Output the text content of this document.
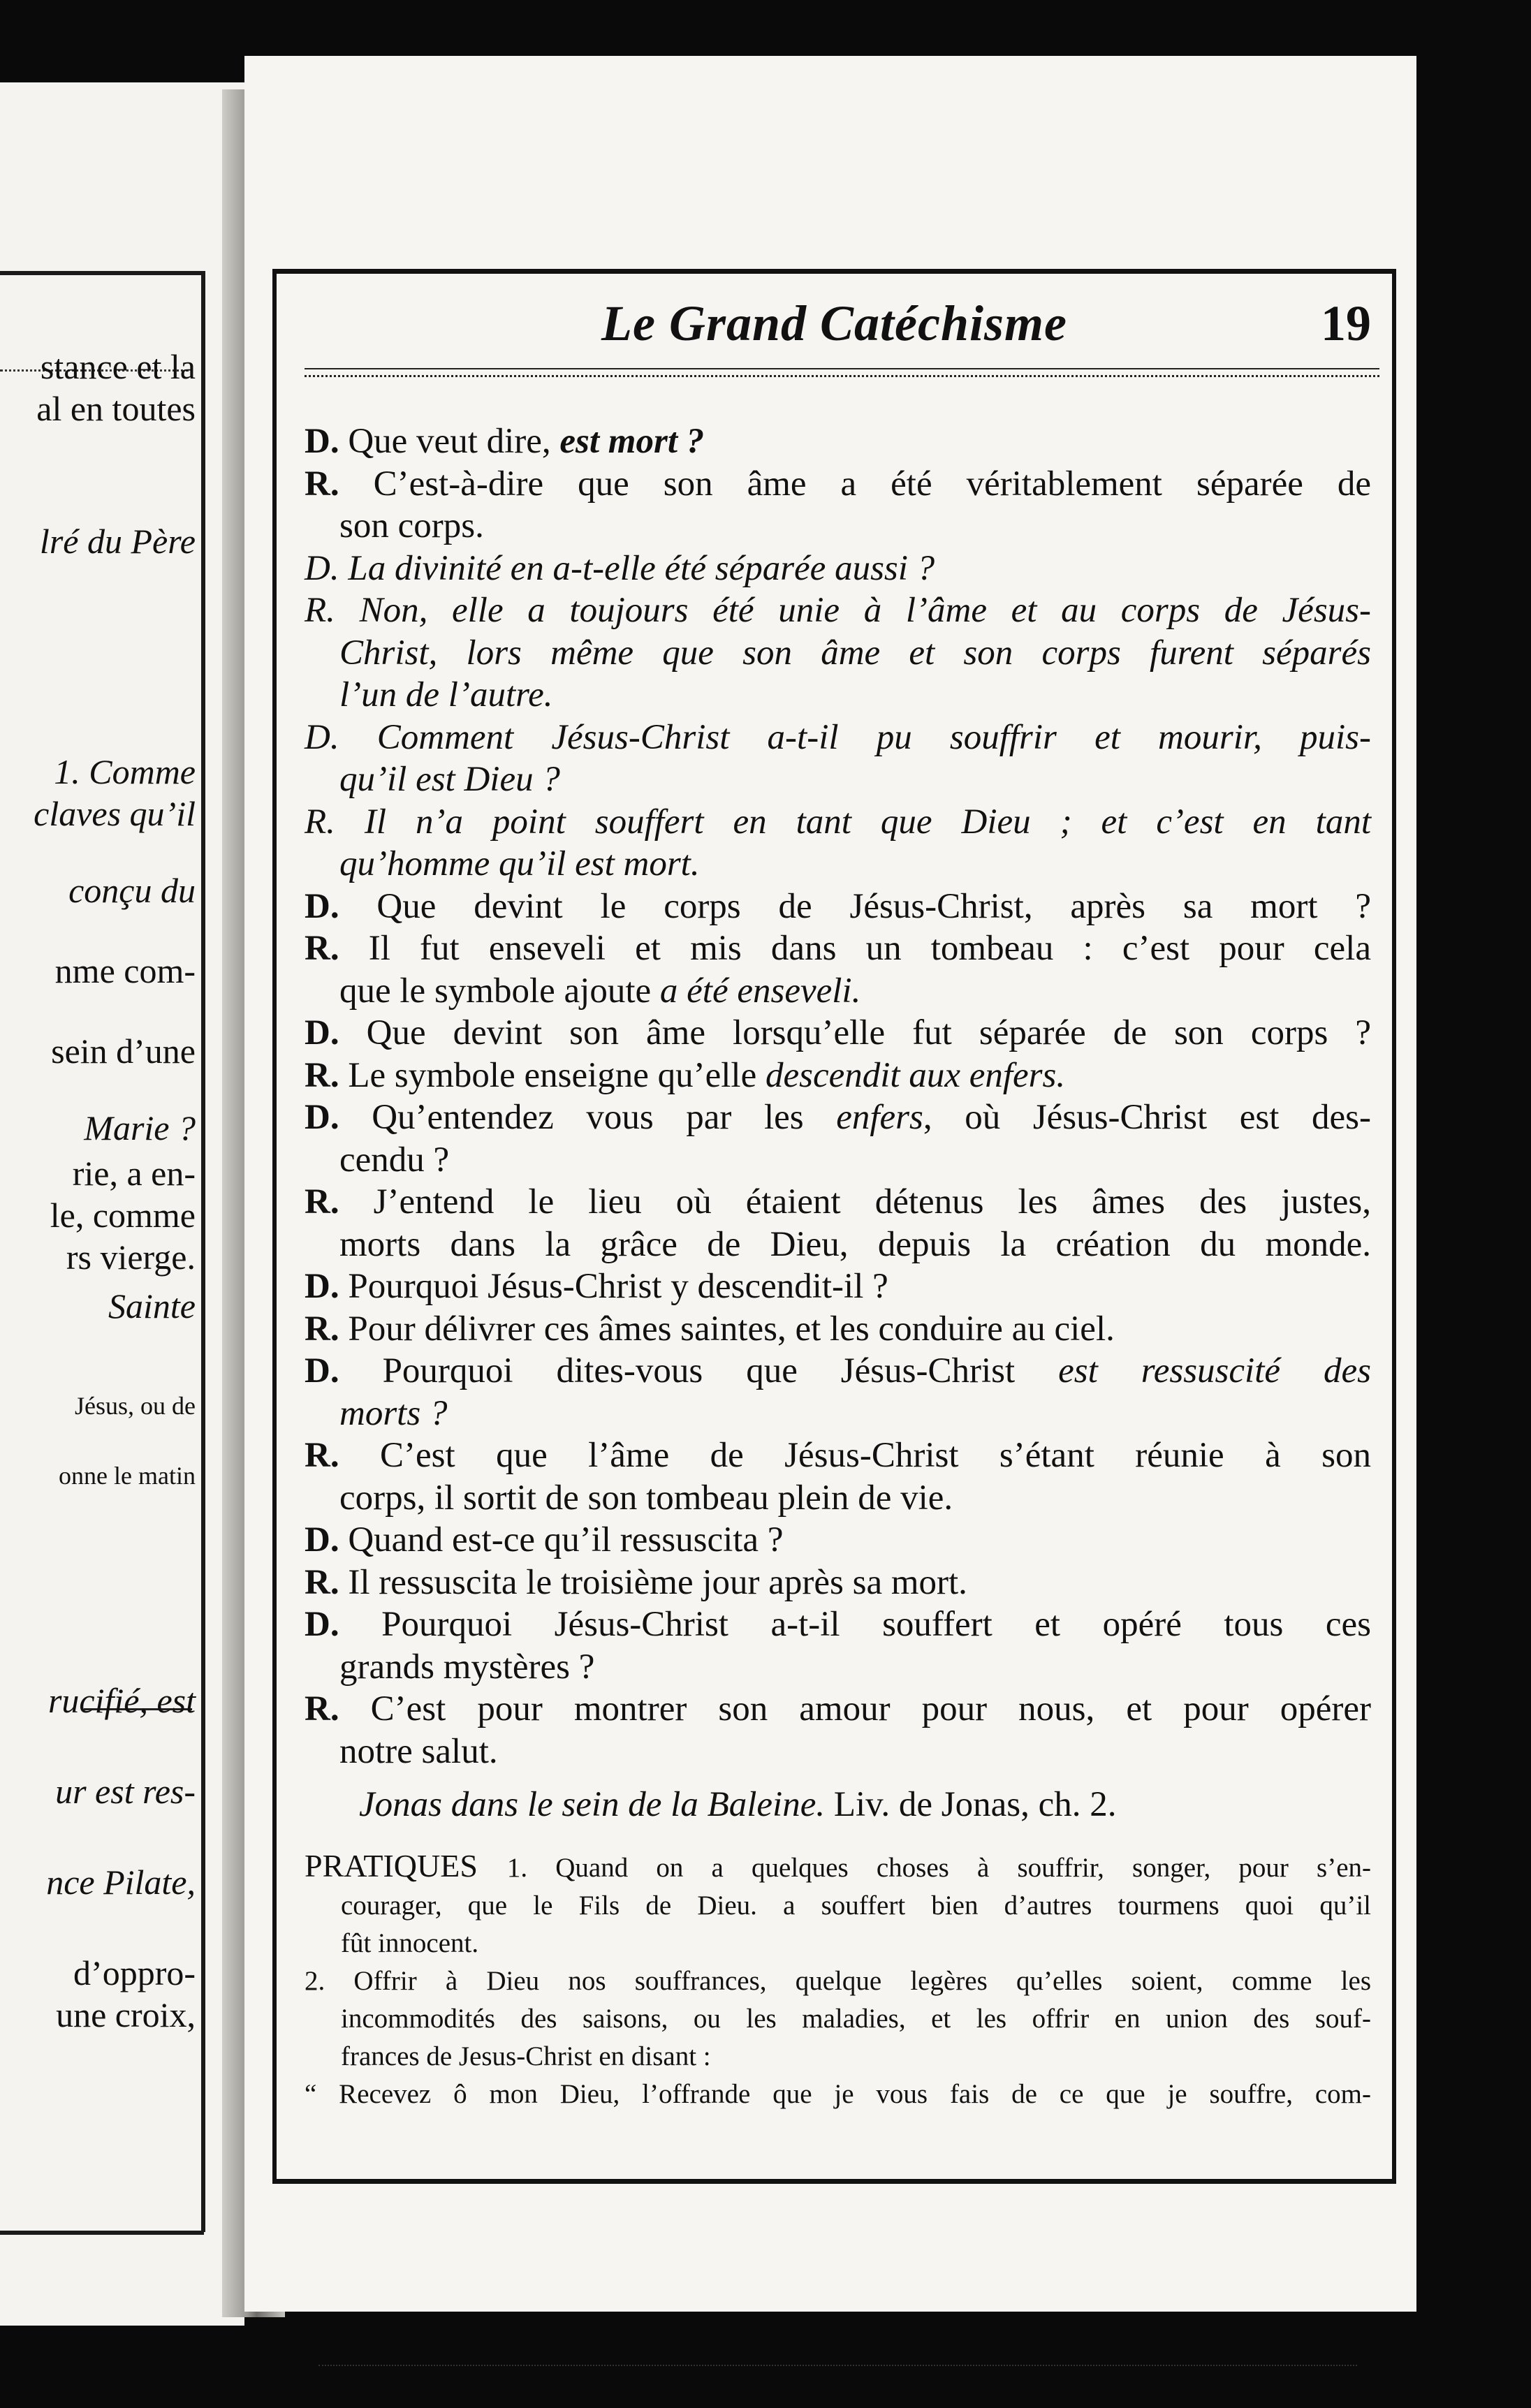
stance et la
al en toutes
lré du Père
1. Comme
claves qu’il
conçu du
nme com-
sein d’une
Marie ?
rie, a en-
le, comme
rs vierge.
Sainte
Jésus, ou de
onne le matin
rucifié, est
ur est res-
nce Pilate,
d’oppro-
une croix,
Le Grand Catéchisme	19
D. Que veut dire, est mort ?
R. C’est-à-dire que son âme a été véritablement séparée de
son corps.
D. La divinité en a-t-elle été séparée aussi ?
R. Non, elle a toujours été unie à l’âme et au corps de Jésus-
Christ, lors même que son âme et son corps furent séparés
l’un de l’autre.
D. Comment Jésus-Christ a-t-il pu souffrir et mourir, puis-
qu’il est Dieu ?
R. Il n’a point souffert en tant que Dieu ; et c’est en tant
qu’homme qu’il est mort.
D. Que devint le corps de Jésus-Christ, après sa mort ?
R. Il fut enseveli et mis dans un tombeau : c’est pour cela
que le symbole ajoute a été enseveli.
D. Que devint son âme lorsqu’elle fut séparée de son corps ?
R. Le symbole enseigne qu’elle descendit aux enfers.
D. Qu’entendez vous par les enfers, où Jésus-Christ est des-
cendu ?
R. J’entend le lieu où étaient détenus les âmes des justes,
morts dans la grâce de Dieu, depuis la création du monde.
D. Pourquoi Jésus-Christ y descendit-il ?
R. Pour délivrer ces âmes saintes, et les conduire au ciel.
D. Pourquoi dites-vous que Jésus-Christ est ressuscité des
morts ?
R. C’est que l’âme de Jésus-Christ s’étant réunie à son
corps, il sortit de son tombeau plein de vie.
D. Quand est-ce qu’il ressuscita ?
R. Il ressuscita le troisième jour après sa mort.
D. Pourquoi Jésus-Christ a-t-il souffert et opéré tous ces
grands mystères ?
R. C’est pour montrer son amour pour nous, et pour opérer
notre salut.
Jonas dans le sein de la Baleine. Liv. de Jonas, ch. 2.
PRATIQUES 1. Quand on a quelques choses à souffrir, songer, pour s’en-
courager, que le Fils de Dieu. a souffert bien d’autres tourmens quoi qu’il
fût innocent.
2. Offrir à Dieu nos souffrances, quelque legères qu’elles soient, comme les
incommodités des saisons, ou les maladies, et les offrir en union des souf-
frances de Jesus-Christ en disant :
“ Recevez ô mon Dieu, l’offrande que je vous fais de ce que je souffre, com-
